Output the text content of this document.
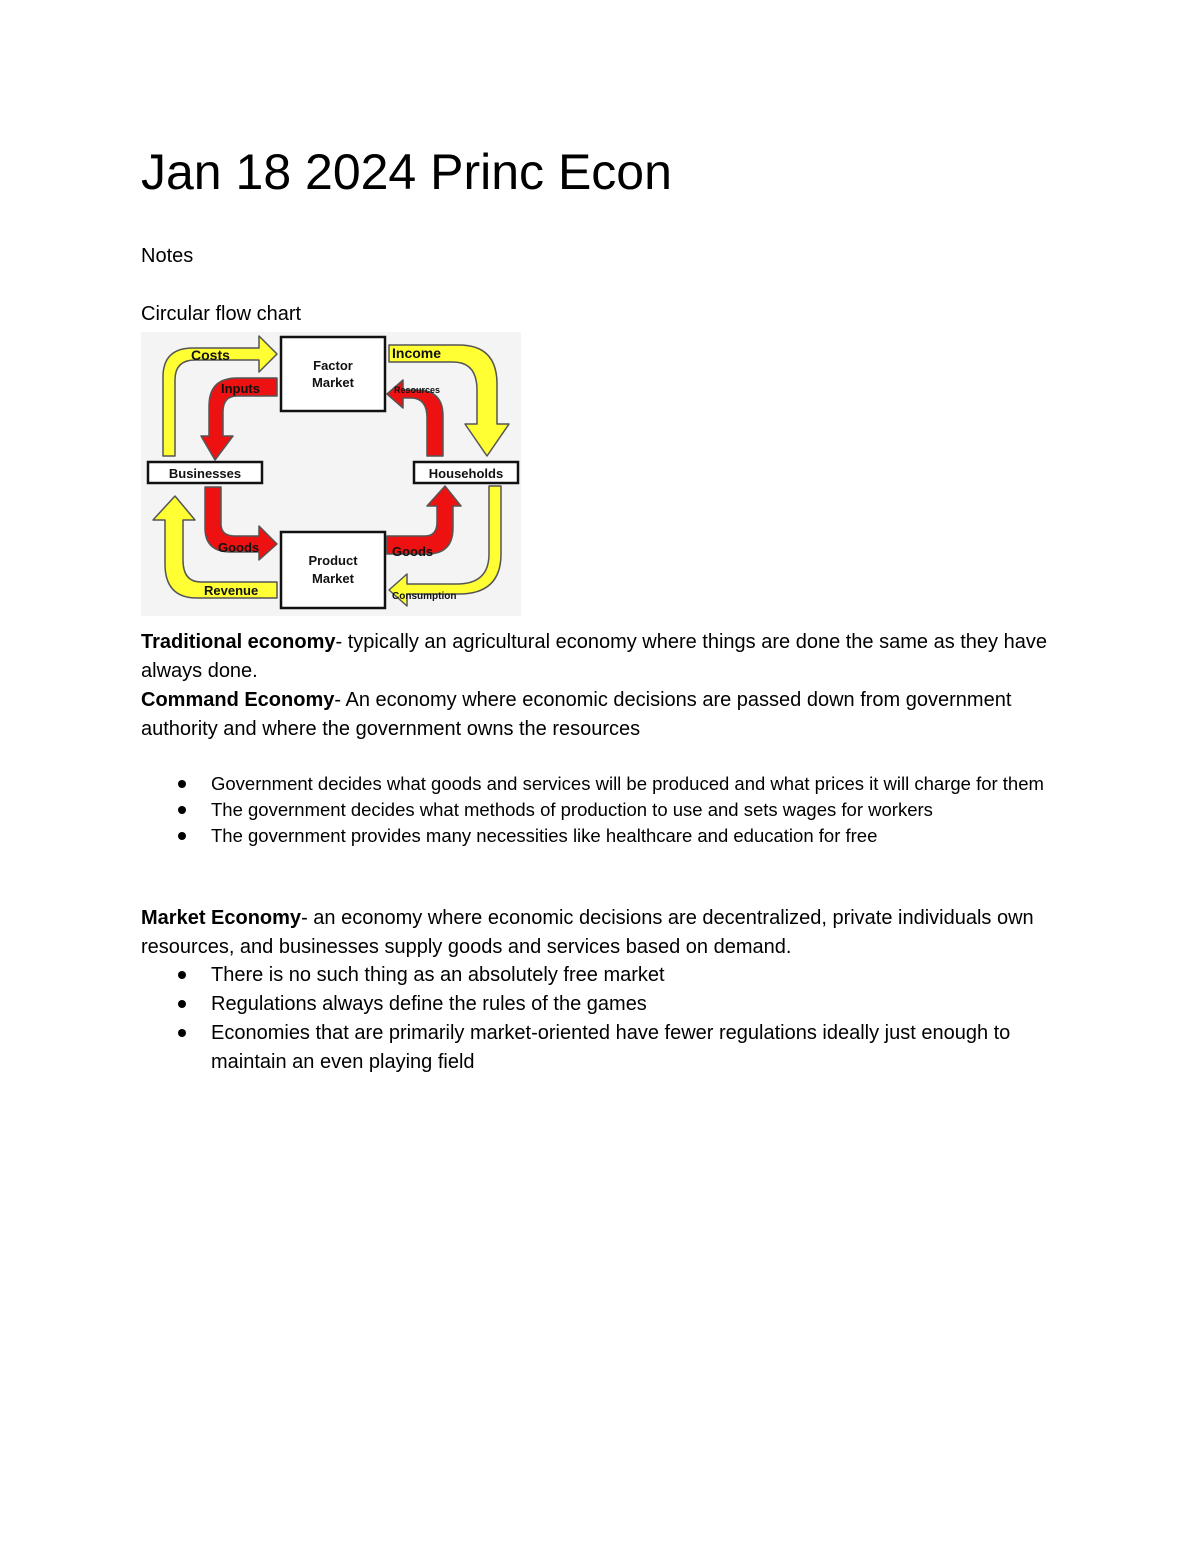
Jan 18 2024 Princ Econ

Notes

Circular flow chart

Factor
Market
Product
Market
Businesses	Households
Costs	Income
Inputs	Resources
Goods	Goods
Revenue	Consumption
Traditional economy- typically an agricultural economy where things are done the same as they have always done.
Command Economy- An economy where economic decisions are passed down from government authority and where the government owns the resources
Government decides what goods and services will be produced and what prices it will charge for them
The government decides what methods of production to use and sets wages for workers
The government provides many necessities like healthcare and education for free
Market Economy- an economy where economic decisions are decentralized, private individuals own resources, and businesses supply goods and services based on demand.
There is no such thing as an absolutely free market
Regulations always define the rules of the games
Economies that are primarily market-oriented have fewer regulations ideally just enough to maintain an even playing field
